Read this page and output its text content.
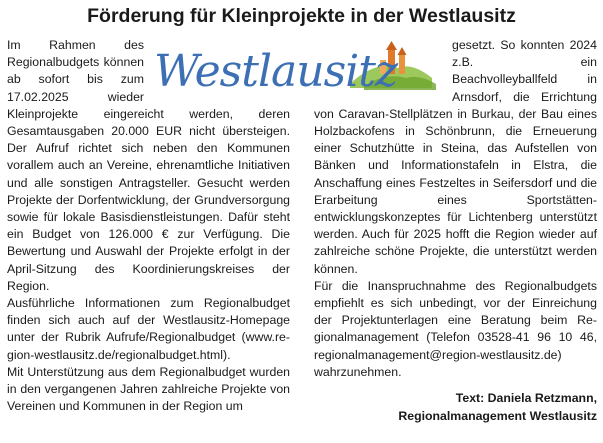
Förderung für Kleinprojekte in der Westlausitz
Westlausitz

Im Rahmen des Regionalbudgets können ab sofort bis zum 17.02.2025 wieder Kleinprojekte eingereicht werden, deren Gesamtausgaben 20.000 EUR nicht übersteigen. Der Aufruf richtet sich neben den Kommunen vorallem auch an Vereine, ehrenamtliche Initiativen und alle sonstigen Antragsteller. Gesucht werden Projekte der Dorfentwicklung, der Grundversorgung sowie für lokale Basisdienstleistungen. Dafür steht ein Budget von 126.000 € zur Verfügung. Die Bewertung und Auswahl der Projekte erfolgt in der April-Sitzung des Koordinierungskreises der Region.

Ausführliche Informationen zum Regionalbudget finden sich auch auf der Westlausitz-Homepage unter der Rubrik Aufrufe/Regionalbudget (www.region-westlausitz.de/regionalbudget.html).

Mit Unterstützung aus dem Regionalbudget wurden in den vergangenen Jahren zahlreiche Projekte von Vereinen und Kommunen in der Region um

gesetzt. So konnten 2024 z.B. ein Beachvolleyballfeld in Arnsdorf, die Errichtung von Caravan-Stellplätzen in Burkau, der Bau eines Holzbackofens in Schönbrunn, die Erneuerung einer Schutzhütte in Steina, das Aufstellen von Bänken und Informationstafeln in Elstra, die Anschaffung eines Festzeltes in Seifersdorf und die Erarbeitung eines Sportstättenentwicklungskonzeptes für Lichtenberg unterstützt werden. Auch für 2025 hofft die Region wieder auf zahlreiche schöne Projekte, die unterstützt werden können.

Für die Inanspruchnahme des Regionalbudgets empfiehlt es sich unbedingt, vor der Einreichung der Projektunterlagen eine Beratung beim Regionalmanagement (Telefon 03528-41 96 10 46, regionalmanagement@region-westlausitz.de) wahrzunehmen.

Text: Daniela Retzmann,
Regionalmanagement Westlausitz
